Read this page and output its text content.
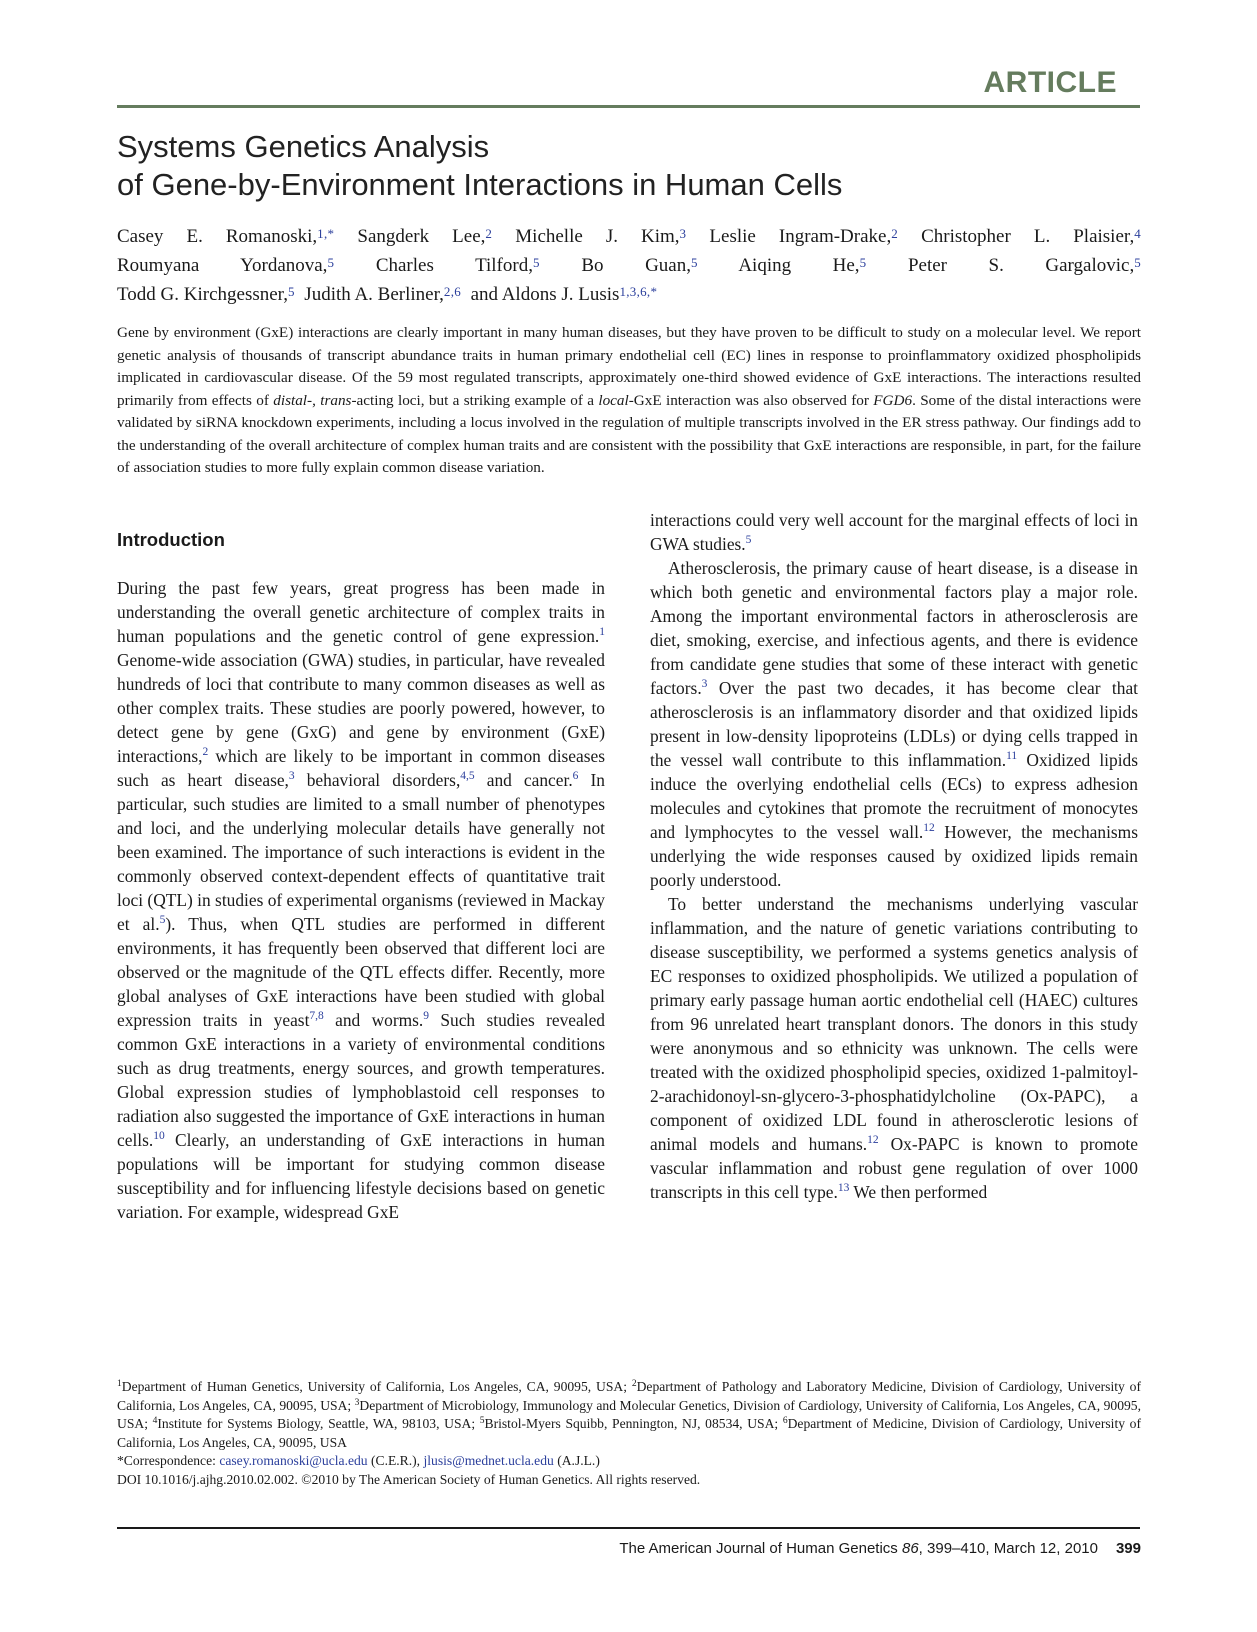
ARTICLE
Systems Genetics Analysis
of Gene-by-Environment Interactions in Human Cells
Casey E. Romanoski,$^{1,*}$ Sangderk Lee,$^2$ Michelle J. Kim,$^3$ Leslie Ingram-Drake,$^2$ Christopher L. Plaisier,$^4$
Roumyana Yordanova,$^5$ Charles Tilford,$^5$ Bo Guan,$^5$ Aiqing He,$^5$ Peter S. Gargalovic,$^5$
Todd G. Kirchgessner,$^5$ Judith A. Berliner,$^{2,6}$ and Aldons J. Lusis$^{1,3,6,*}$
Gene by environment (GxE) interactions are clearly important in many human diseases, but they have proven to be difficult to study on a molecular level. We report genetic analysis of thousands of transcript abundance traits in human primary endothelial cell (EC) lines in response to proinflammatory oxidized phospholipids implicated in cardiovascular disease. Of the 59 most regulated transcripts, approximately one-third showed evidence of GxE interactions. The interactions resulted primarily from effects of distal-, trans-acting loci, but a striking example of a local-GxE interaction was also observed for FGD6. Some of the distal interactions were validated by siRNA knockdown experiments, including a locus involved in the regulation of multiple transcripts involved in the ER stress pathway. Our findings add to the understanding of the overall architecture of complex human traits and are consistent with the possibility that GxE interactions are responsible, in part, for the failure of association studies to more fully explain common disease variation.
Introduction

During the past few years, great progress has been made in understanding the overall genetic architecture of complex traits in human populations and the genetic control of gene expression.$^1$ Genome-wide association (GWA) studies, in particular, have revealed hundreds of loci that contribute to many common diseases as well as other complex traits. These studies are poorly powered, however, to detect gene by gene (GxG) and gene by environment (GxE) interactions,$^2$ which are likely to be important in common diseases such as heart disease,$^3$ behavioral disorders,$^{4,5}$ and cancer.$^6$ In particular, such studies are limited to a small number of phenotypes and loci, and the underlying molecular details have generally not been examined. The importance of such interactions is evident in the commonly observed context-dependent effects of quantitative trait loci (QTL) in studies of experimental organisms (reviewed in Mackay et al.$^5$). Thus, when QTL studies are performed in different environments, it has frequently been observed that different loci are observed or the magnitude of the QTL effects differ. Recently, more global analyses of GxE interactions have been studied with global expression traits in yeast$^{7,8}$ and worms.$^9$ Such studies revealed common GxE interactions in a variety of environmental conditions such as drug treatments, energy sources, and growth temperatures. Global expression studies of lymphoblastoid cell responses to radiation also suggested the importance of GxE interactions in human cells.$^{10}$ Clearly, an understanding of GxE interactions in human populations will be important for studying common disease susceptibility and for influencing lifestyle decisions based on genetic variation. For example, widespread GxE

interactions could very well account for the marginal effects of loci in GWA studies.$^5$

Atherosclerosis, the primary cause of heart disease, is a disease in which both genetic and environmental factors play a major role. Among the important environmental factors in atherosclerosis are diet, smoking, exercise, and infectious agents, and there is evidence from candidate gene studies that some of these interact with genetic factors.$^3$ Over the past two decades, it has become clear that atherosclerosis is an inflammatory disorder and that oxidized lipids present in low-density lipoproteins (LDLs) or dying cells trapped in the vessel wall contribute to this inflammation.$^{11}$ Oxidized lipids induce the overlying endothelial cells (ECs) to express adhesion molecules and cytokines that promote the recruitment of monocytes and lymphocytes to the vessel wall.$^{12}$ However, the mechanisms underlying the wide responses caused by oxidized lipids remain poorly understood.

To better understand the mechanisms underlying vascular inflammation, and the nature of genetic variations contributing to disease susceptibility, we performed a systems genetics analysis of EC responses to oxidized phospholipids. We utilized a population of primary early passage human aortic endothelial cell (HAEC) cultures from 96 unrelated heart transplant donors. The donors in this study were anonymous and so ethnicity was unknown. The cells were treated with the oxidized phospholipid species, oxidized 1-palmitoyl-2-arachidonoyl-sn-glycero-3-phosphatidylcholine (Ox-PAPC), a component of oxidized LDL found in atherosclerotic lesions of animal models and humans.$^{12}$ Ox-PAPC is known to promote vascular inflammation and robust gene regulation of over 1000 transcripts in this cell type.$^{13}$ We then performed

$^1$Department of Human Genetics, University of California, Los Angeles, CA, 90095, USA; $^2$Department of Pathology and Laboratory Medicine, Division of Cardiology, University of California, Los Angeles, CA, 90095, USA; $^3$Department of Microbiology, Immunology and Molecular Genetics, Division of Cardiology, University of California, Los Angeles, CA, 90095, USA; $^4$Institute for Systems Biology, Seattle, WA, 98103, USA; $^5$Bristol-Myers Squibb, Pennington, NJ, 08534, USA; $^6$Department of Medicine, Division of Cardiology, University of California, Los Angeles, CA, 90095, USA

*Correspondence: casey.romanoski@ucla.edu (C.E.R.), jlusis@mednet.ucla.edu (A.J.L.)

DOI 10.1016/j.ajhg.2010.02.002. ©2010 by The American Society of Human Genetics. All rights reserved.

The American Journal of Human Genetics 86, 399–410, March 12, 2010 399
